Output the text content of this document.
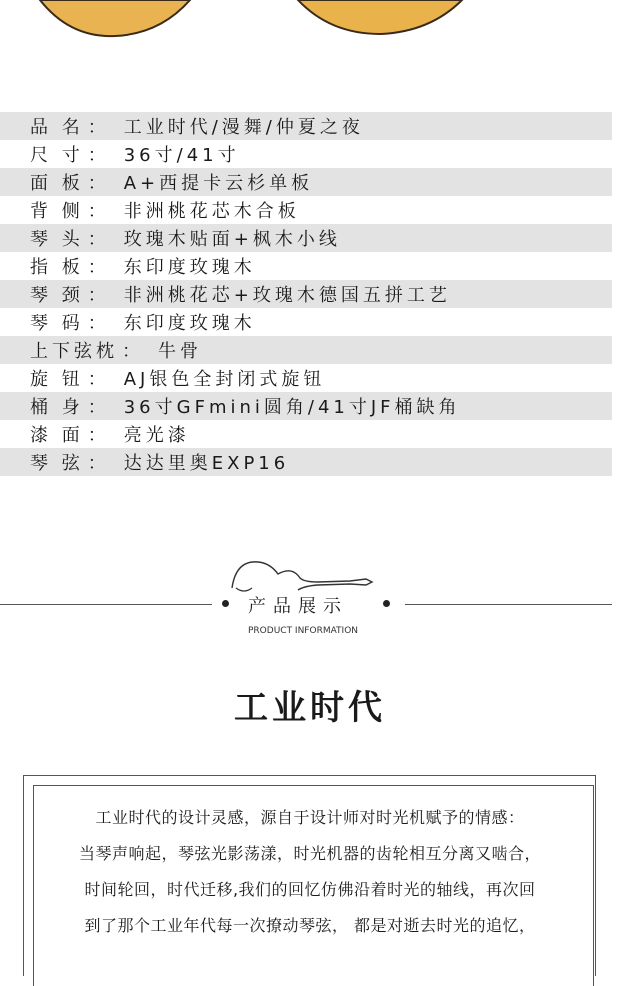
品 名 ： 工业时代/漫舞/仲夏之夜
尺 寸 ： 36寸/41寸
面 板 ： A+西提卡云杉单板
背 侧 ： 非洲桃花芯木合板
琴 头 ： 玫瑰木贴面+枫木小线
指 板 ： 东印度玫瑰木
琴 颈 ： 非洲桃花芯+玫瑰木德国五拼工艺
琴 码 ： 东印度玫瑰木
上下弦枕 ： 牛骨
旋 钮 ： AJ银色全封闭式旋钮
桶 身 ： 36寸GFmini圆角/41寸JF桶缺角
漆 面 ： 亮光漆
琴 弦 ： 达达里奥EXP16
产品展示
PRODUCT INFORMATION
工业时代
工业时代的设计灵感，源自于设计师对时光机赋予的情感：
当琴声响起，琴弦光影荡漾，时光机器的齿轮相互分离又啮合，
时间轮回，时代迁移,我们的回忆仿佛沿着时光的轴线，再次回
到了那个工业年代每一次撩动琴弦， 都是对逝去时光的追忆，
